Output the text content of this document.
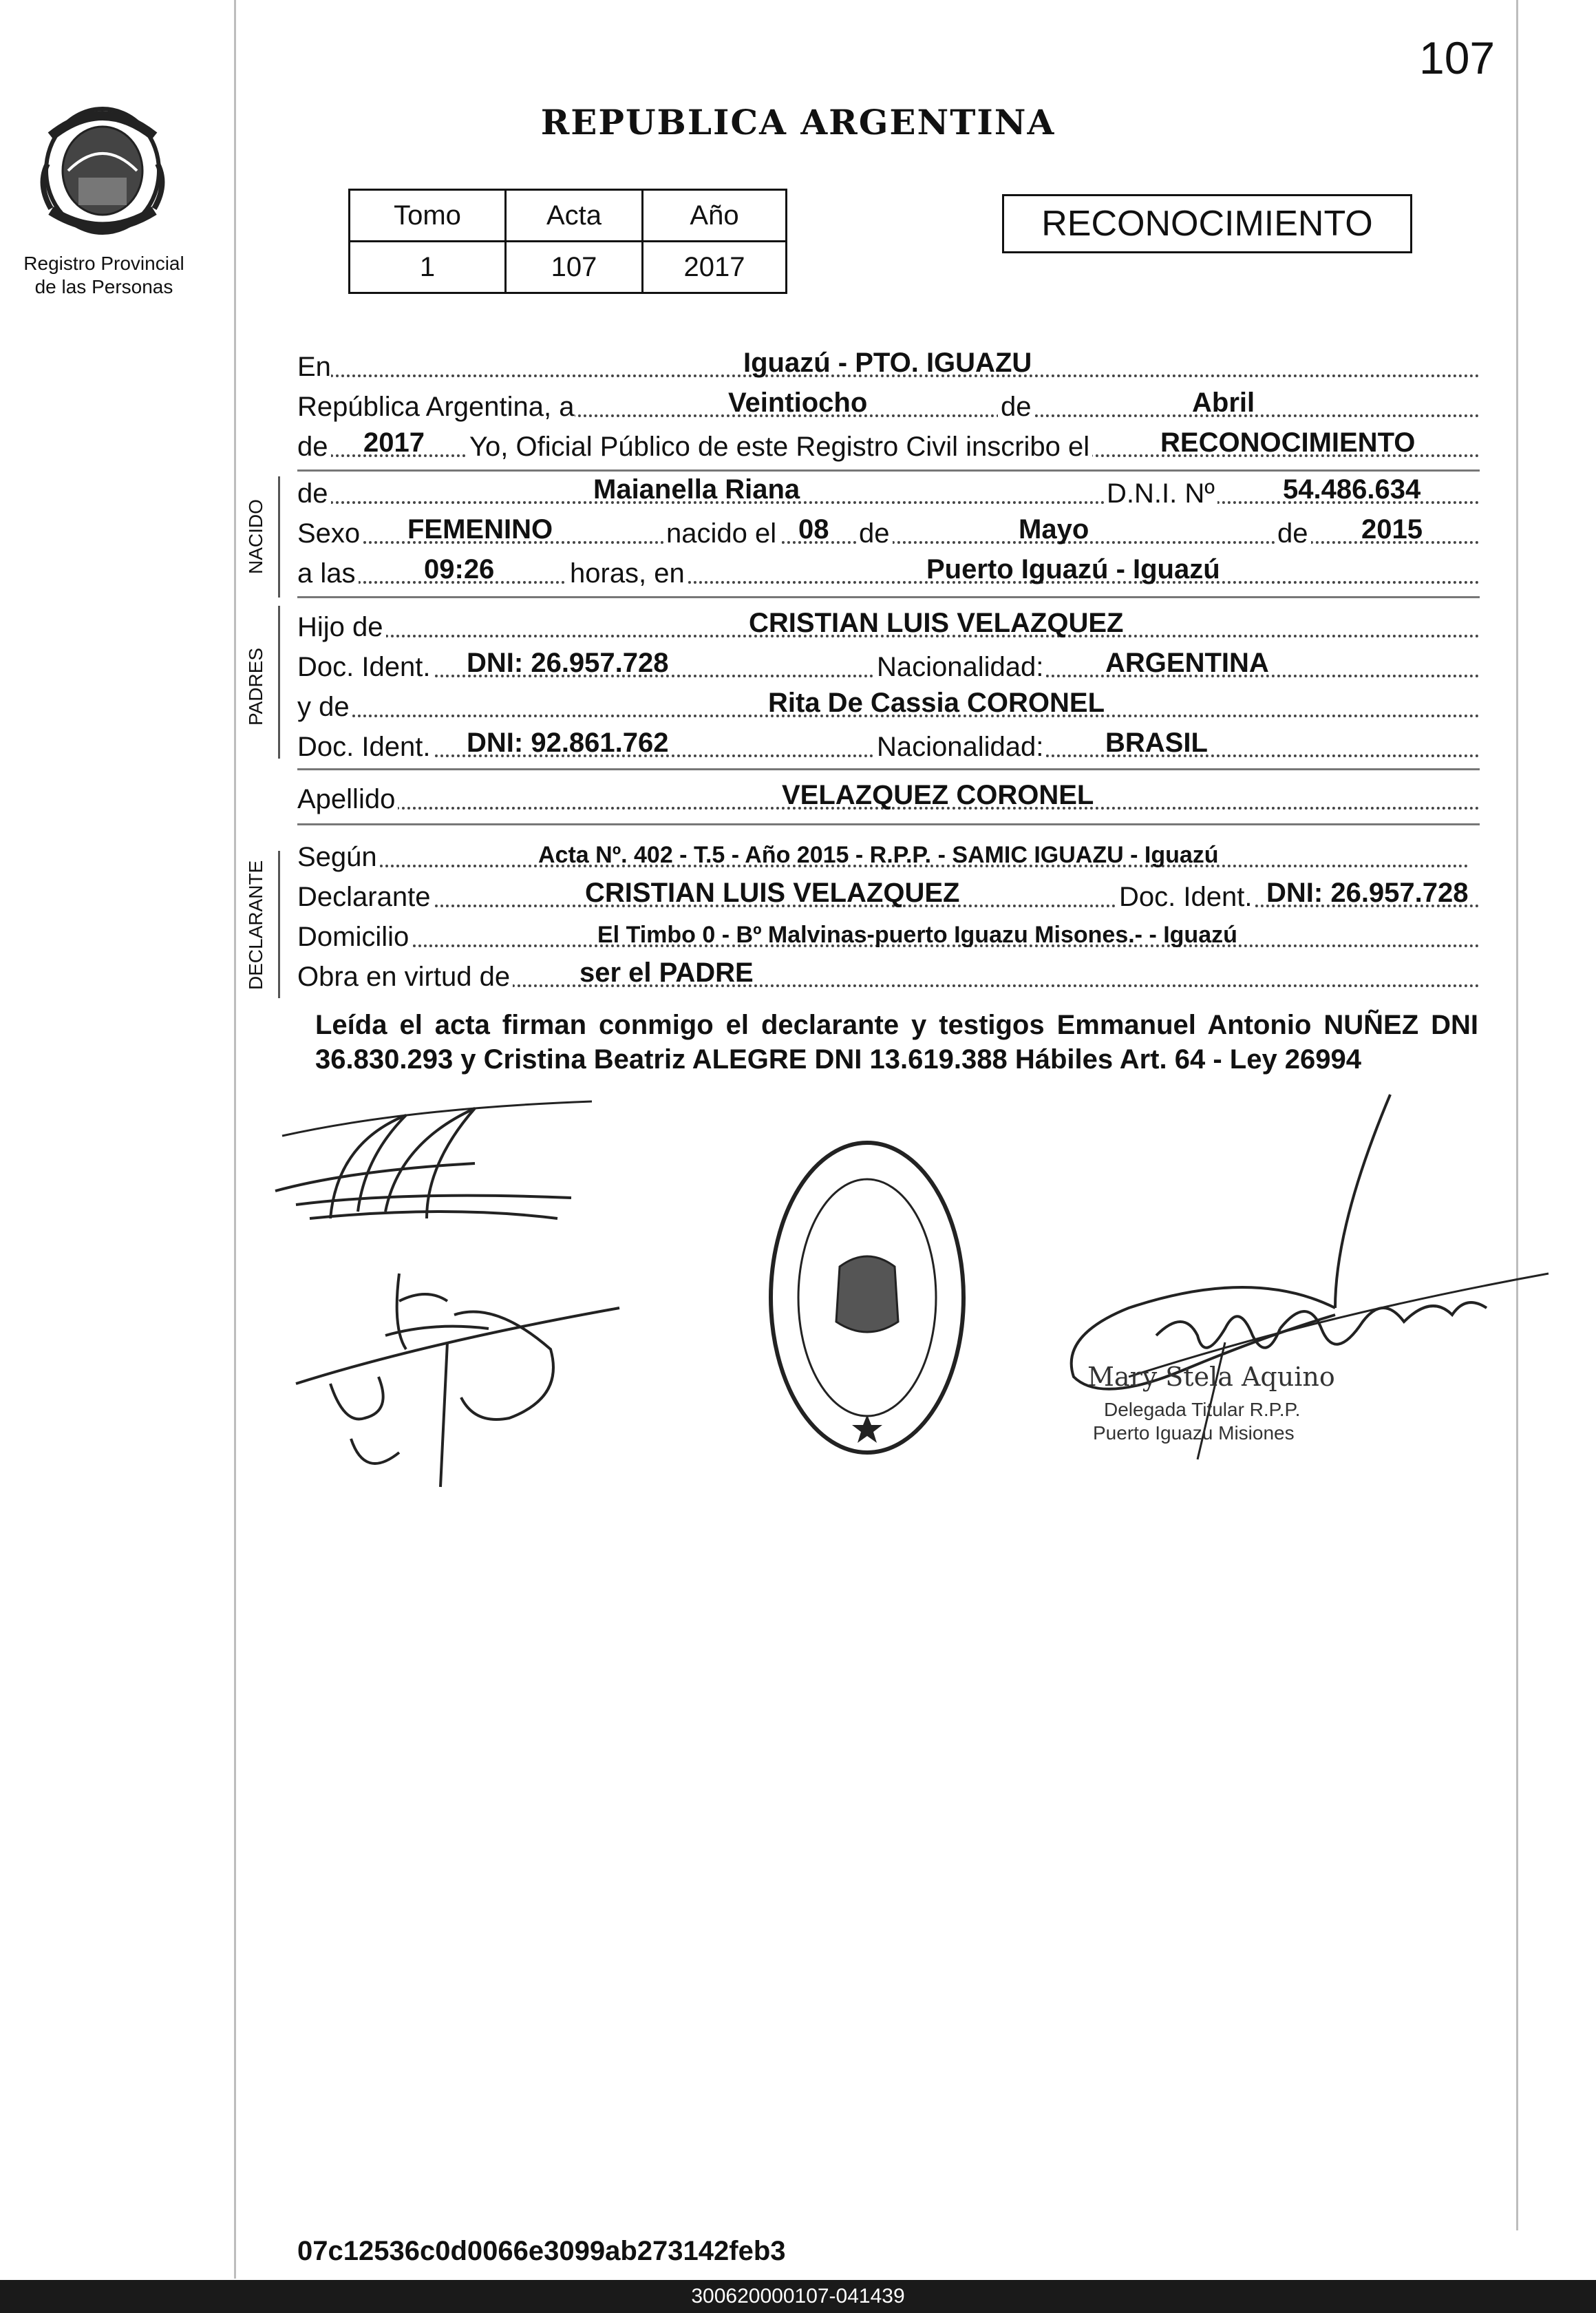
107
Registro Provincial
de las Personas
REPUBLICA ARGENTINA
Tomo	Acta	Año
1	107	2017
RECONOCIMIENTO
En	Iguazú - PTO. IGUAZU
República Argentina, a	Veintiocho	de	Abril
de 2017 Yo, Oficial Público de este Registro Civil inscribo el	RECONOCIMIENTO
NACIDO
de	Maianella Riana	D.N.I. Nº 54.486.634
Sexo FEMENINO	nacido el 08 de	Mayo	de 2015
a las 09:26	horas, en	Puerto Iguazú - Iguazú
PADRES
Hijo de	CRISTIAN LUIS VELAZQUEZ
Doc. Ident. DNI: 26.957.728	Nacionalidad: ARGENTINA
y de	Rita De Cassia CORONEL
Doc. Ident. DNI: 92.861.762	Nacionalidad: BRASIL
Apellido	VELAZQUEZ CORONEL
DECLARANTE
Según	Acta Nº. 402 - T.5 - Año 2015 - R.P.P. - SAMIC IGUAZU - Iguazú
Declarante	CRISTIAN LUIS VELAZQUEZ	Doc. Ident. DNI: 26.957.728
Domicilio	El Timbo 0 - Bº Malvinas-puerto Iguazu Misones.- - Iguazú
Obra en virtud de	ser el PADRE
Leída el acta firman conmigo el declarante y testigos Emmanuel Antonio NUÑEZ DNI 36.830.293 y Cristina Beatriz ALEGRE DNI 13.619.388 Hábiles Art. 64 - Ley 26994
Mary Stela Aquino
Delegada Titular R.P.P.
Puerto Iguazu Misiones
07c12536c0d0066e3099ab273142feb3
300620000107-041439
